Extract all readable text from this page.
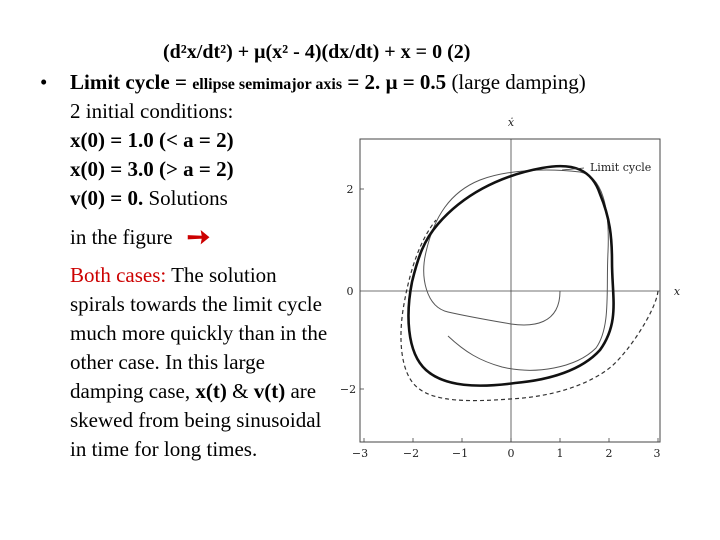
(d²x/dt²) + μ(x² - 4)(dx/dt) + x = 0 (2)
• Limit cycle = ellipse semimajor axis = 2. μ = 0.5 (large damping)
2 initial conditions:
x(0) = 1.0 (< a = 2)
x(0) = 3.0 (> a = 2)
v(0) = 0. Solutions
in the figure ➙
Both cases: The solution spirals towards the limit cycle much more quickly than in the other case. In this large damping case, x(t) & v(t) are skewed from being sinusoidal in time for long times.	−3	−2	−1	0	1	2	3
2
0
−2
ẋ
x
Limit cycle
